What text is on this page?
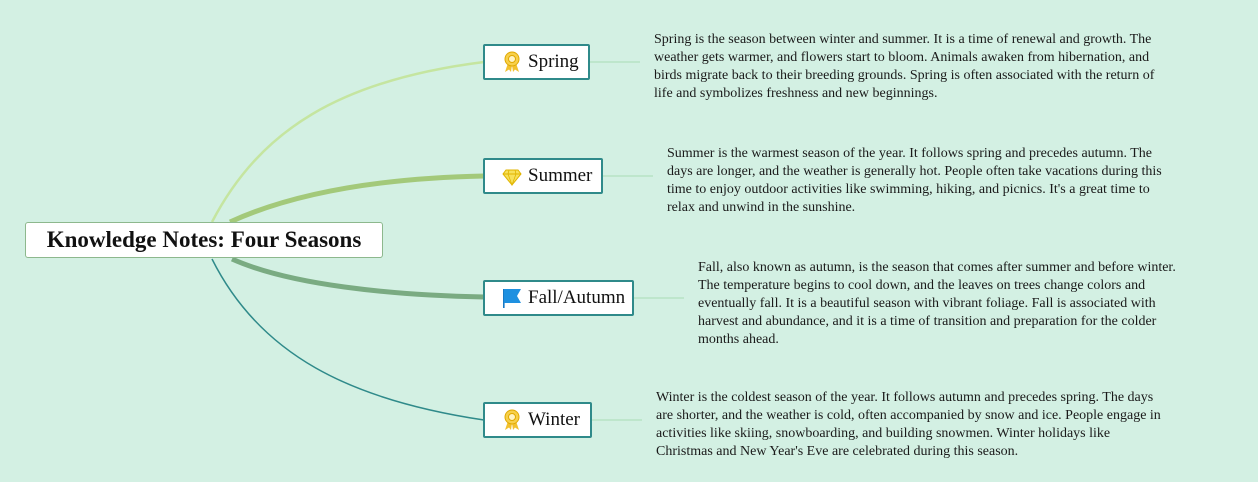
Knowledge Notes: Four Seasons
Spring
Summer
Fall/Autumn
Winter
Spring is the season between winter and summer. It is a time of renewal and growth. The weather gets warmer, and flowers start to bloom. Animals awaken from hibernation, and birds migrate back to their breeding grounds. Spring is often associated with the return of life and symbolizes freshness and new beginnings.
Summer is the warmest season of the year. It follows spring and precedes autumn. The days are longer, and the weather is generally hot. People often take vacations during this time to enjoy outdoor activities like swimming, hiking, and picnics. It's a great time to relax and unwind in the sunshine.
Fall, also known as autumn, is the season that comes after summer and before winter. The temperature begins to cool down, and the leaves on trees change colors and eventually fall. It is a beautiful season with vibrant foliage. Fall is associated with harvest and abundance, and it is a time of transition and preparation for the colder months ahead.
Winter is the coldest season of the year. It follows autumn and precedes spring. The days are shorter, and the weather is cold, often accompanied by snow and ice. People engage in activities like skiing, snowboarding, and building snowmen. Winter holidays like Christmas and New Year's Eve are celebrated during this season.
